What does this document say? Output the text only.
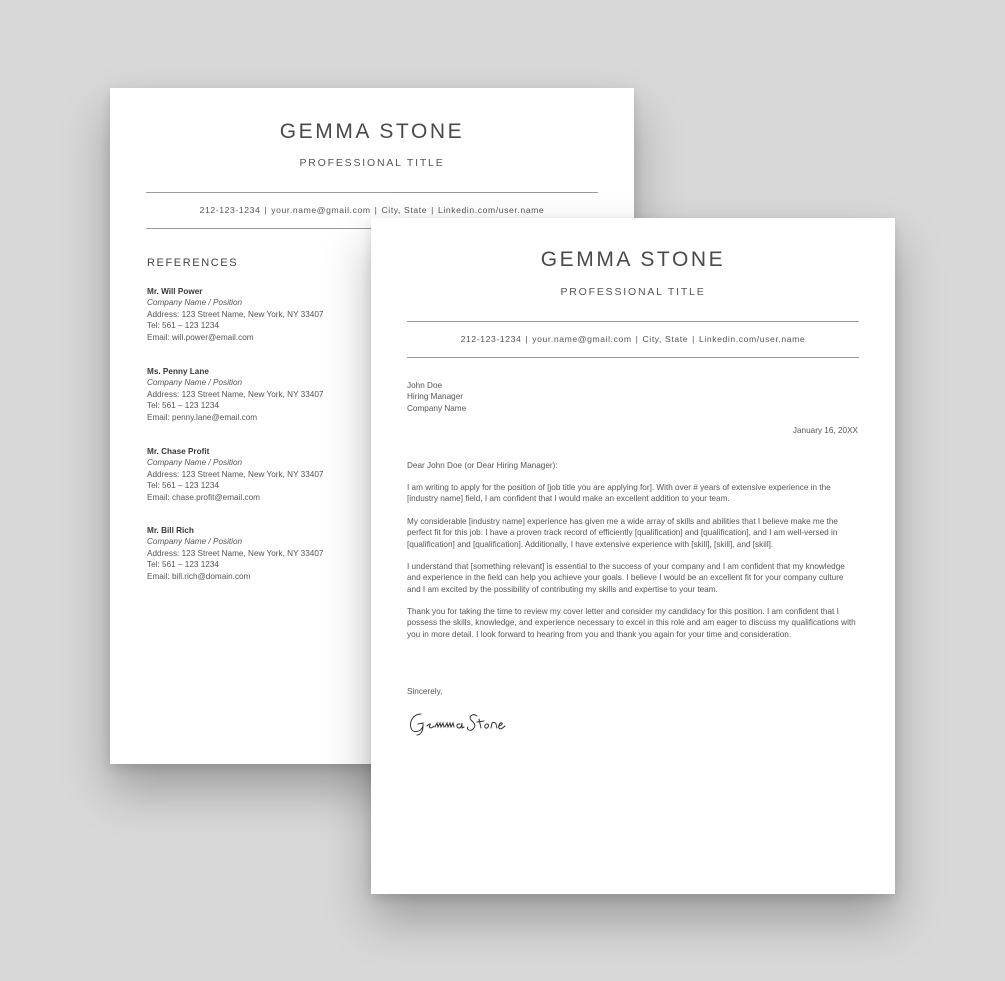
GEMMA STONE
PROFESSIONAL TITLE
212-123-1234 | your.name@gmail.com | City, State | Linkedin.com/user.name
REFERENCES
Mr. Will Power
Company Name / Position
Address: 123 Street Name, New York, NY 33407
Tel: 561 – 123 1234
Email: will.power@email.com
Ms. Penny Lane
Company Name / Position
Address: 123 Street Name, New York, NY 33407
Tel: 561 – 123 1234
Email: penny.lane@email.com
Mr. Chase Profit
Company Name / Position
Address: 123 Street Name, New York, NY 33407
Tel: 561 – 123 1234
Email: chase.profit@email.com
Mr. Bill Rich
Company Name / Position
Address: 123 Street Name, New York, NY 33407
Tel: 561 – 123 1234
Email: bill.rich@domain.com
GEMMA STONE
PROFESSIONAL TITLE
212-123-1234 | your.name@gmail.com | City, State | Linkedin.com/user.name
John Doe
Hiring Manager
Company Name
January 16, 20XX
Dear John Doe (or Dear Hiring Manager):
I am writing to apply for the position of [job title you are applying for]. With over # years of extensive experience in the [industry name] field, I am confident that I would make an excellent addition to your team.
My considerable [industry name] experience has given me a wide array of skills and abilities that I believe make me the perfect fit for this job. I have a proven track record of efficiently [qualification] and [qualification], and I am well-versed in [qualification] and [qualification]. Additionally, I have extensive experience with [skill], [skill], and [skill].
I understand that [something relevant] is essential to the success of your company and I am confident that my knowledge and experience in the field can help you achieve your goals. I believe I would be an excellent fit for your company culture and I am excited by the possibility of contributing my skills and expertise to your team.
Thank you for taking the time to review my cover letter and consider my candidacy for this position. I am confident that I possess the skills, knowledge, and experience necessary to excel in this role and am eager to discuss my qualifications with you in more detail. I look forward to hearing from you and thank you again for your time and consideration.
Sincerely,
